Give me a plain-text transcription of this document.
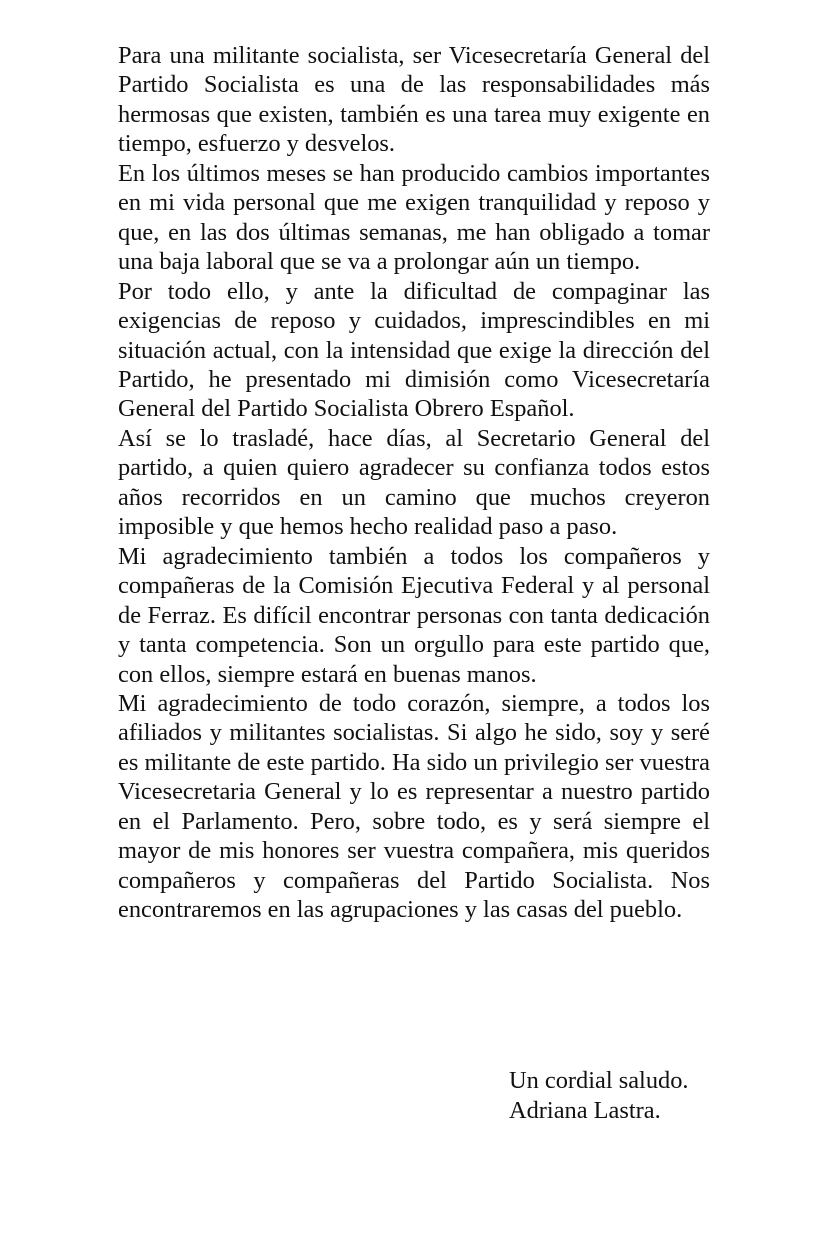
Para una militante socialista, ser Vicesecretaría General del Partido Socialista es una de las responsabilidades más hermosas que existen, también es una tarea muy exigente en tiempo, esfuerzo y desvelos.

En los últimos meses se han producido cambios importantes en mi vida personal que me exigen tranquilidad y reposo y que, en las dos últimas semanas, me han obligado a tomar una baja laboral que se va a prolongar aún un tiempo.

Por todo ello, y ante la dificultad de compaginar las exigencias de reposo y cuidados, imprescindibles en mi situación actual, con la intensidad que exige la dirección del Partido, he presentado mi dimisión como Vicesecretaría General del Partido Socialista Obrero Español.

Así se lo trasladé, hace días, al Secretario General del partido, a quien quiero agradecer su confianza todos estos años recorridos en un camino que muchos creyeron imposible y que hemos hecho realidad paso a paso.

Mi agradecimiento también a todos los compañeros y compañeras de la Comisión Ejecutiva Federal y al personal de Ferraz. Es difícil encontrar personas con tanta dedicación y tanta competencia. Son un orgullo para este partido que, con ellos, siempre estará en buenas manos.

Mi agradecimiento de todo corazón, siempre, a todos los afiliados y militantes socialistas. Si algo he sido, soy y seré es militante de este partido. Ha sido un privilegio ser vuestra Vicesecretaria General y lo es representar a nuestro partido en el Parlamento. Pero, sobre todo, es y será siempre el mayor de mis honores ser vuestra compañera, mis queridos compañeros y compañeras del Partido Socialista. Nos encontraremos en las agrupaciones y las casas del pueblo.

Un cordial saludo.

Adriana Lastra.
